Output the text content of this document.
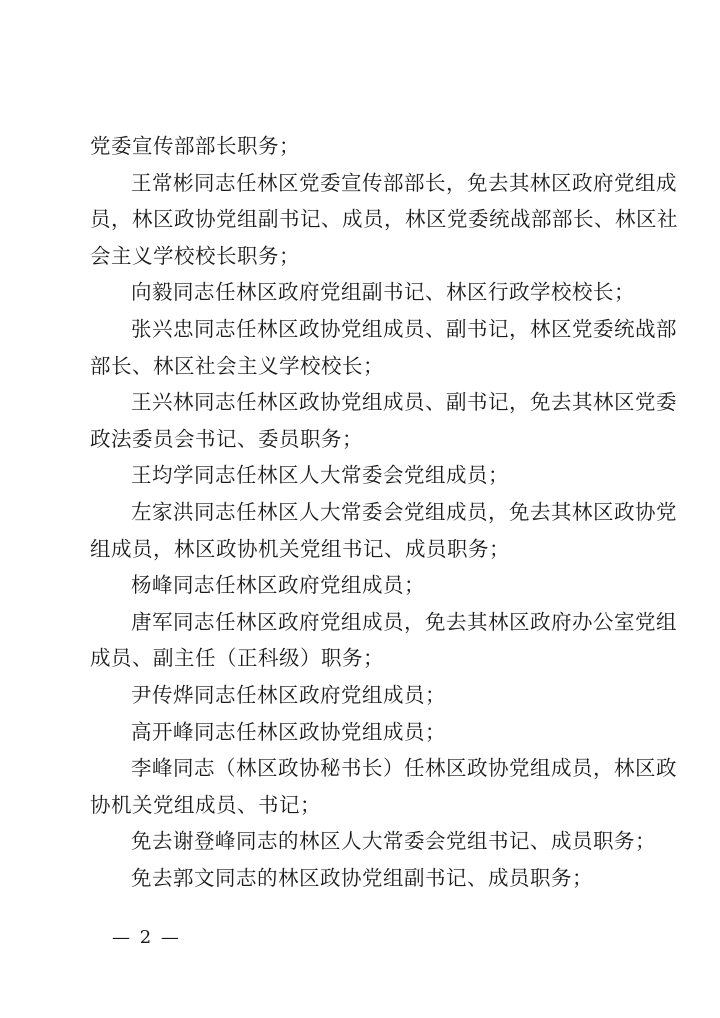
党委宣传部部长职务；
王常彬同志任林区党委宣传部部长，免去其林区政府党组成
员，林区政协党组副书记、成员，林区党委统战部部长、林区社
会主义学校校长职务；
向毅同志任林区政府党组副书记、林区行政学校校长；
张兴忠同志任林区政协党组成员、副书记，林区党委统战部
部长、林区社会主义学校校长；
王兴林同志任林区政协党组成员、副书记，免去其林区党委
政法委员会书记、委员职务；
王均学同志任林区人大常委会党组成员；
左家洪同志任林区人大常委会党组成员，免去其林区政协党
组成员，林区政协机关党组书记、成员职务；
杨峰同志任林区政府党组成员；
唐军同志任林区政府党组成员，免去其林区政府办公室党组
成员、副主任（正科级）职务；
尹传烨同志任林区政府党组成员；
高开峰同志任林区政协党组成员；
李峰同志（林区政协秘书长）任林区政协党组成员，林区政
协机关党组成员、书记；
免去谢登峰同志的林区人大常委会党组书记、成员职务；
免去郭文同志的林区政协党组副书记、成员职务；
— 2 —
